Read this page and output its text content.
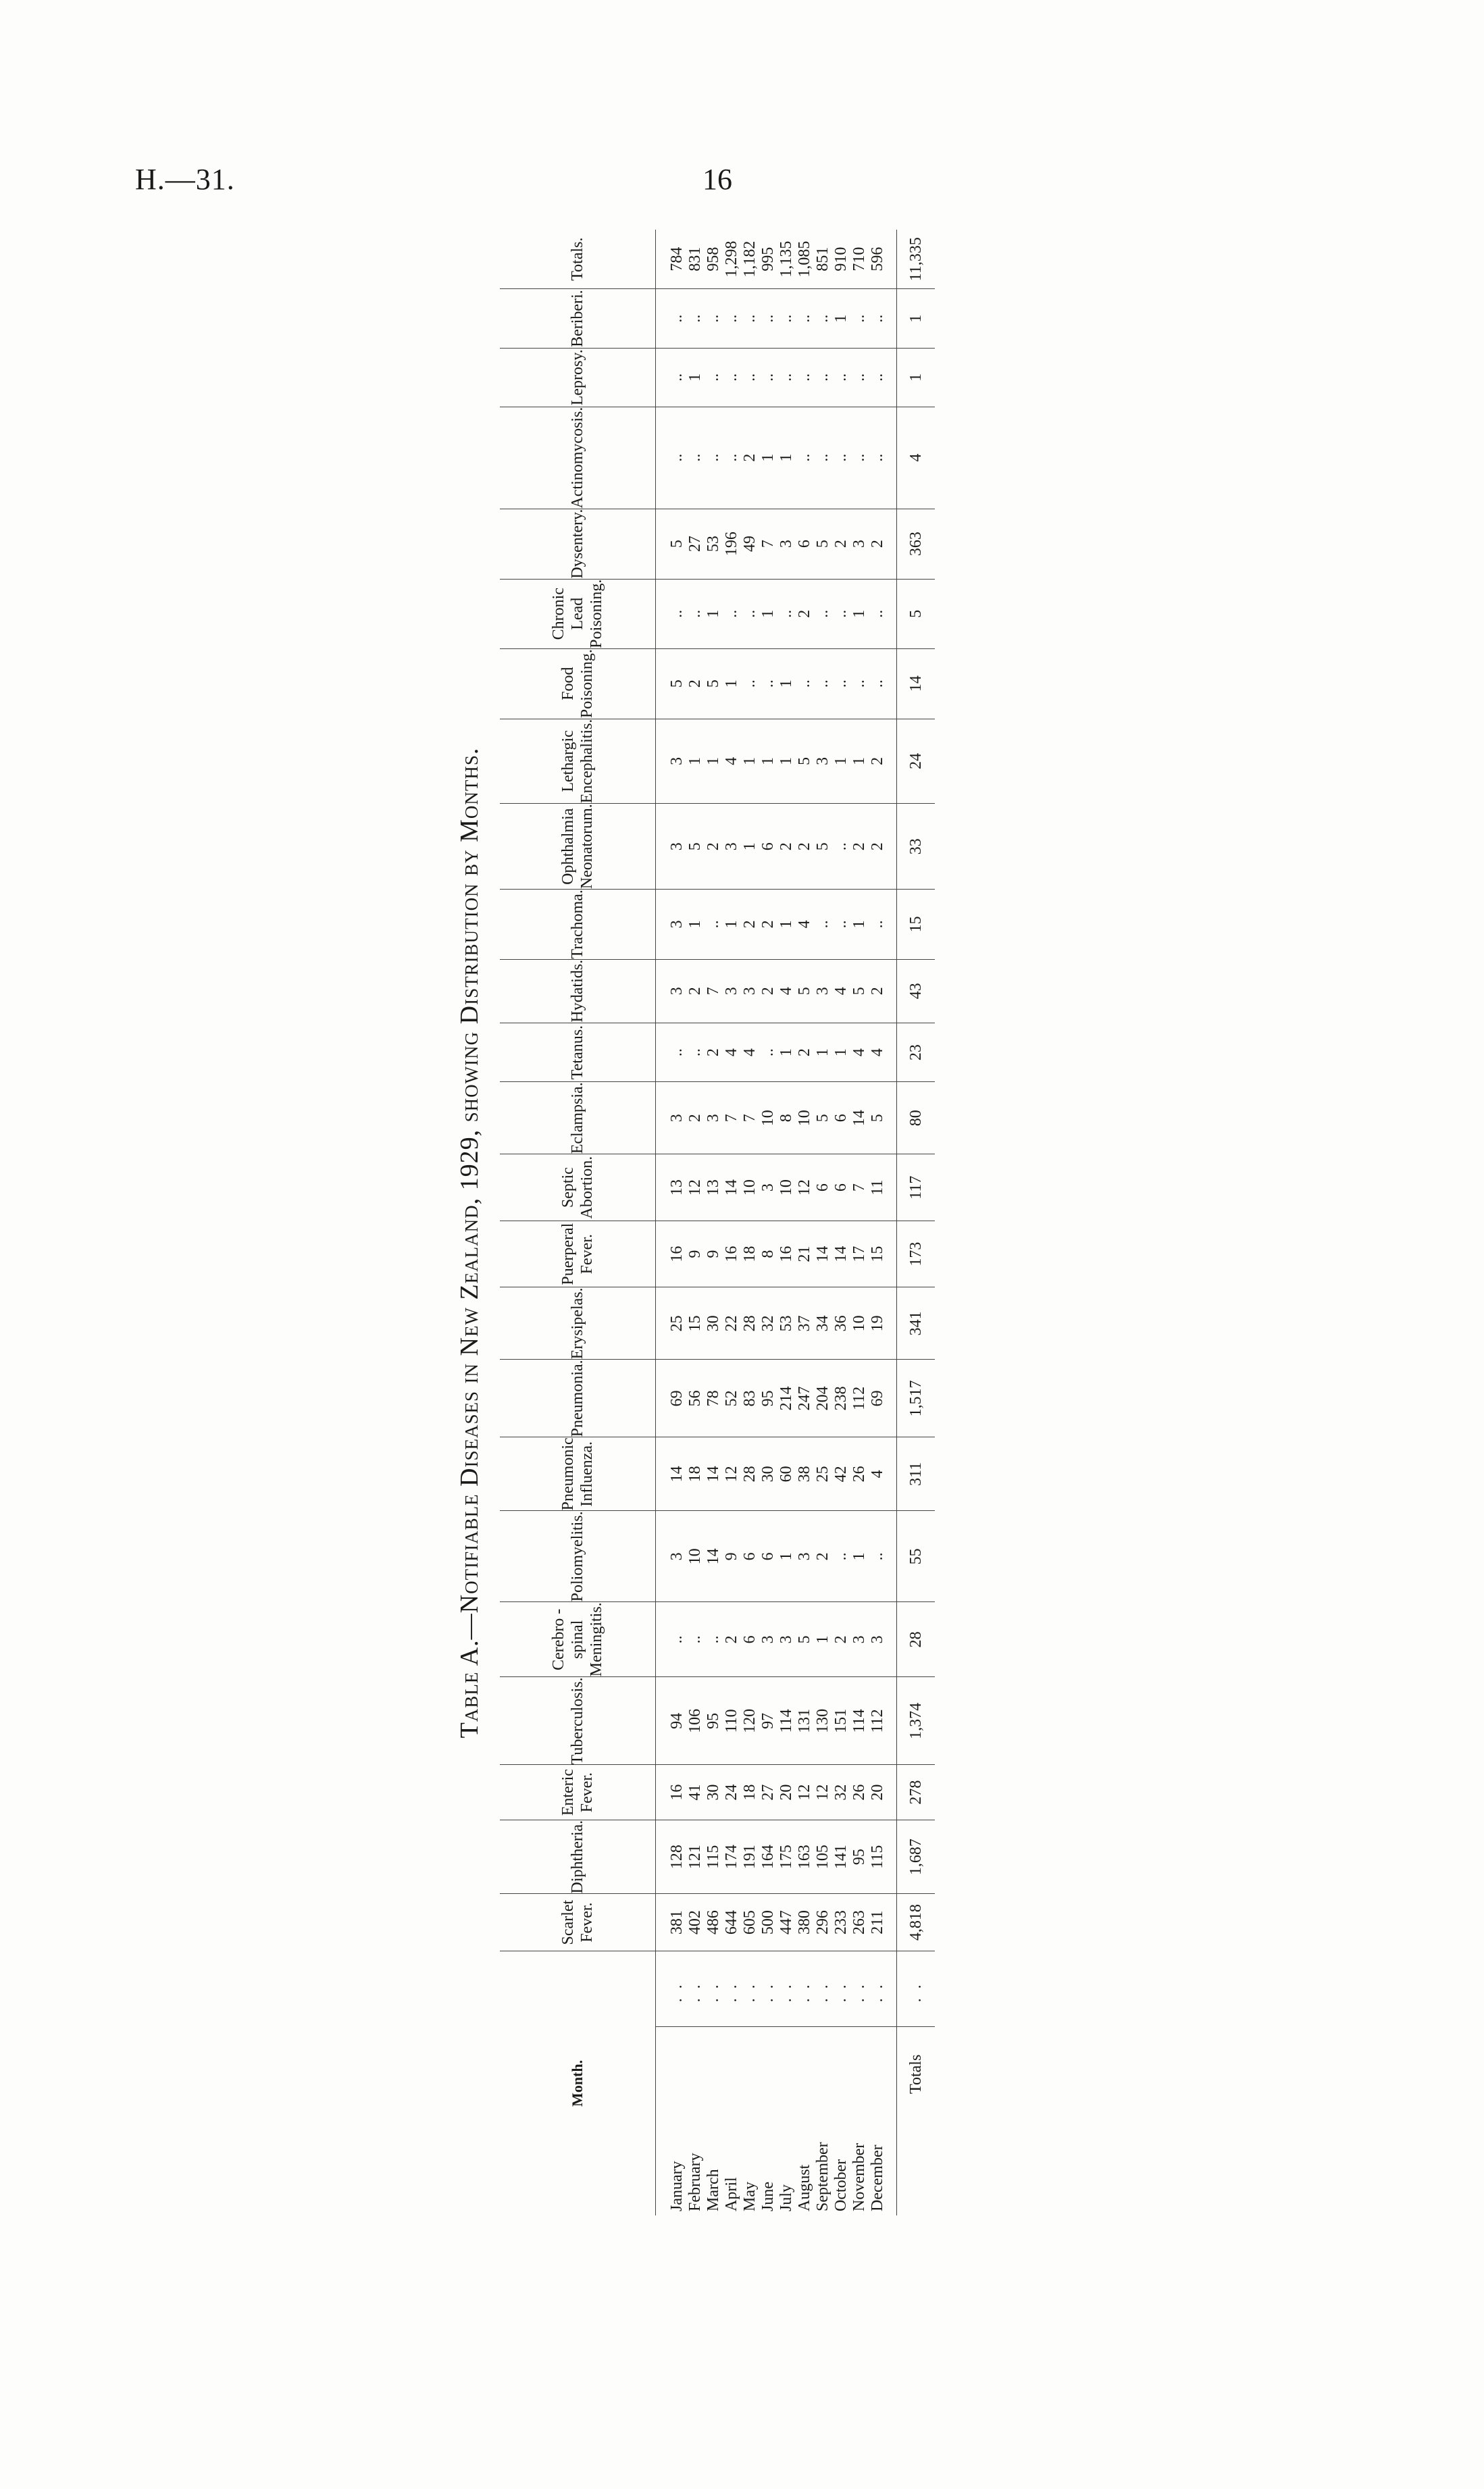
H.—31.	16
Table A.—Notifiable Diseases in New Zealand, 1929, showing Distribution by Months.
Month.		Scarlet Fever.	Diphtheria.	Enteric Fever.	Tuberculosis.	Cerebro - spinal Meningitis.	Poliomyelitis.	Pneumonic Influenza.	Pneumonia.	Erysipelas.	Puerperal Fever.	Septic Abortion.	Eclampsia.	Tetanus.	Hydatids.	Trachoma.	Ophthalmia Neonatorum.	Lethargic Encephalitis.	Food Poisoning.	Chronic Lead Poisoning.	Dysentery.	Actinomycosis.	Leprosy.	Beriberi.	Totals.
January	..	381	128	16	94	..	3	14	69	25	16	13	3	..	3	3	3	3	5	..	5	..	..	..	784
February	..	402	121	41	106	..	10	18	56	15	9	12	2	..	2	1	5	1	2	..	27	..	1	..	831
March	..	486	115	30	95	..	14	14	78	30	9	13	3	2	7	..	2	1	5	1	53	..	..	..	958
April	..	644	174	24	110	2	9	12	52	22	16	14	7	4	3	1	3	4	1	..	196	..	..	..	1,298
May	..	605	191	18	120	6	6	28	83	28	18	10	7	4	3	2	1	1	..	..	49	2	..	..	1,182
June	..	500	164	27	97	3	6	30	95	32	8	3	10	..	2	2	6	1	..	1	7	1	..	..	995
July	..	447	175	20	114	3	1	60	214	53	16	10	8	1	4	1	2	1	1	..	3	1	..	..	1,135
August	..	380	163	12	131	5	3	38	247	37	21	12	10	2	5	4	2	5	..	2	6	..	..	..	1,085
September	..	296	105	12	130	1	2	25	204	34	14	6	5	1	3	..	5	3	..	..	5	..	..	..	851
October	..	233	141	32	151	2	..	42	238	36	14	6	6	1	4	..	..	1	..	..	2	..	..	1	910
November	..	263	95	26	114	3	1	26	112	10	17	7	14	4	5	1	2	1	..	1	3	..	..	..	710
December	..	211	115	20	112	3	..	4	69	19	15	11	5	4	2	..	2	2	..	..	2	..	..	..	596
Totals	..	4,818	1,687	278	1,374	28	55	311	1,517	341	173	117	80	23	43	15	33	24	14	5	363	4	1	1	11,335
